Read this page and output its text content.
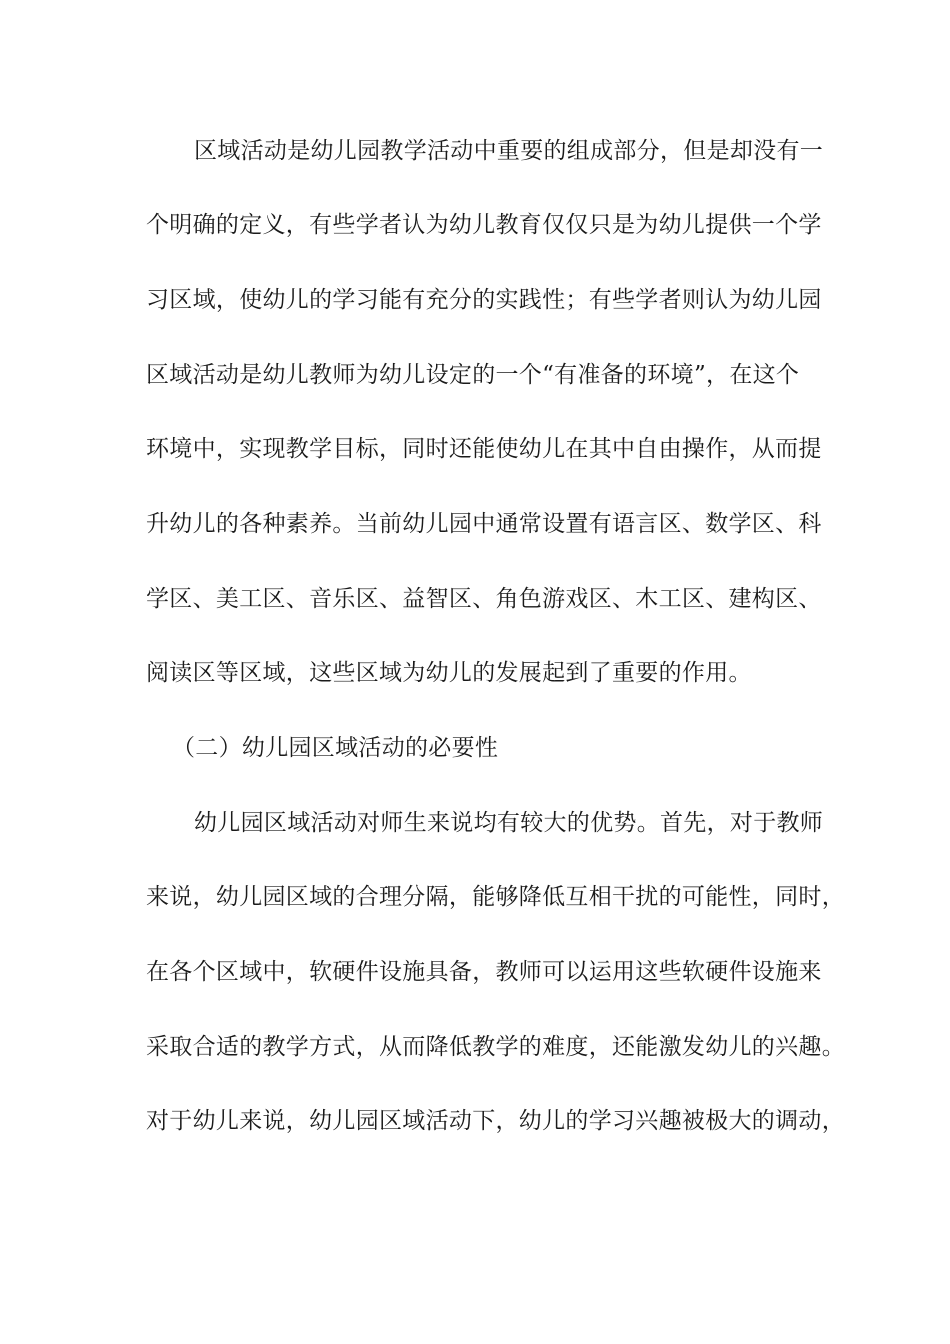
区域活动是幼儿园教学活动中重要的组成部分，但是却没有一
个明确的定义，有些学者认为幼儿教育仅仅只是为幼儿提供一个学
习区域，使幼儿的学习能有充分的实践性；有些学者则认为幼儿园
区域活动是幼儿教师为幼儿设定的一个“有准备的环境”，在这个
环境中，实现教学目标，同时还能使幼儿在其中自由操作，从而提
升幼儿的各种素养。当前幼儿园中通常设置有语言区、数学区、科
学区、美工区、音乐区、益智区、角色游戏区、木工区、建构区、
阅读区等区域，这些区域为幼儿的发展起到了重要的作用。
（二）幼儿园区域活动的必要性
幼儿园区域活动对师生来说均有较大的优势。首先，对于教师
来说，幼儿园区域的合理分隔，能够降低互相干扰的可能性，同时，
在各个区域中，软硬件设施具备，教师可以运用这些软硬件设施来
采取合适的教学方式，从而降低教学的难度，还能激发幼儿的兴趣。
对于幼儿来说，幼儿园区域活动下，幼儿的学习兴趣被极大的调动，
